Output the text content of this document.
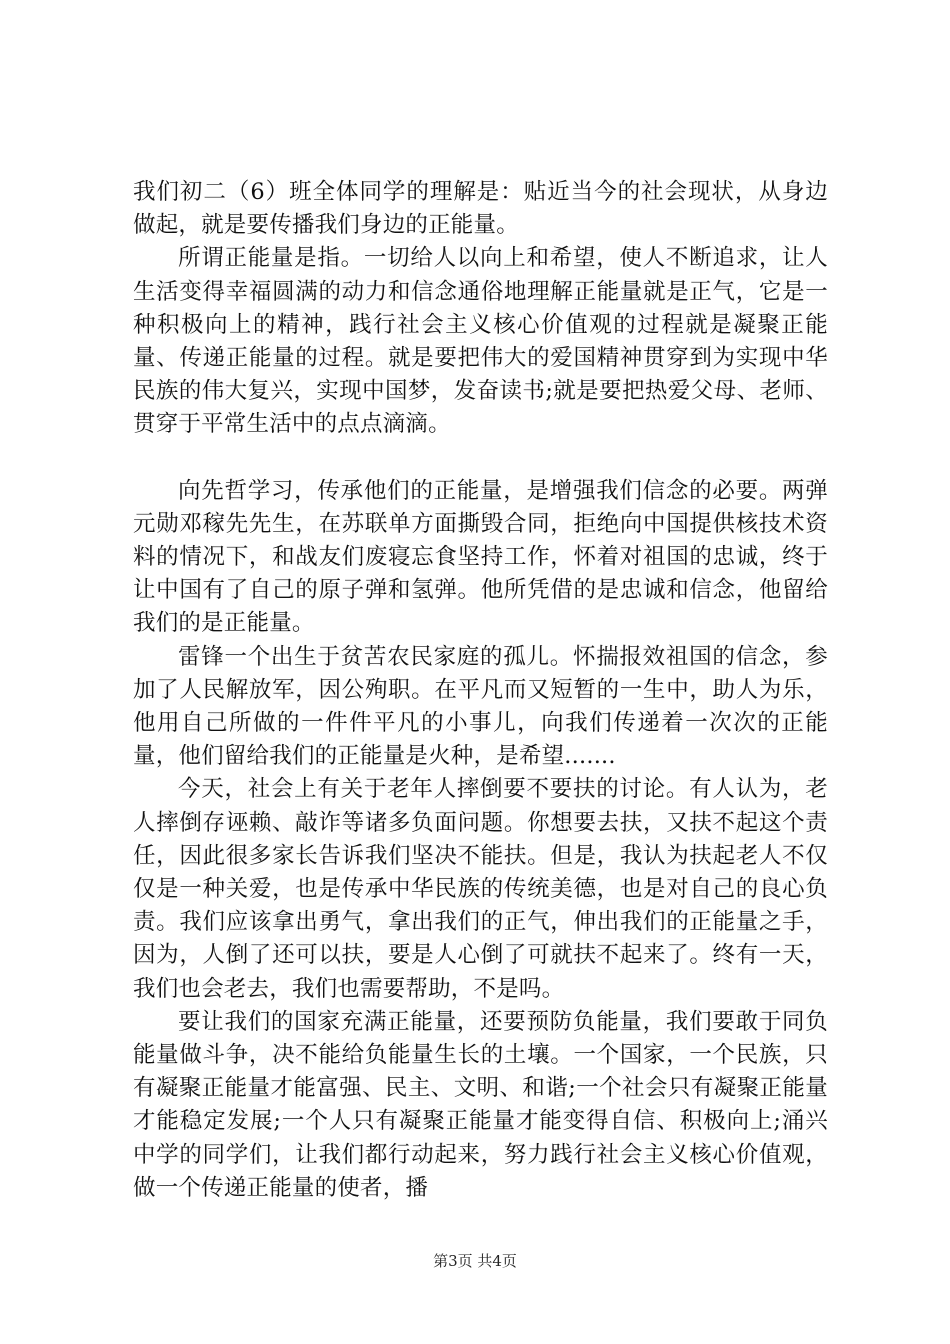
我们初二（6）班全体同学的理解是：贴近当今的社会现状，从身边做起，就是要传播我们身边的正能量。

所谓正能量是指。一切给人以向上和希望，使人不断追求，让人生活变得幸福圆满的动力和信念通俗地理解正能量就是正气，它是一种积极向上的精神，践行社会主义核心价值观的过程就是凝聚正能量、传递正能量的过程。就是要把伟大的爱国精神贯穿到为实现中华民族的伟大复兴，实现中国梦，发奋读书;就是要把热爱父母、老师、贯穿于平常生活中的点点滴滴。

向先哲学习，传承他们的正能量，是增强我们信念的必要。两弹元勋邓稼先先生，在苏联单方面撕毁合同，拒绝向中国提供核技术资料的情况下，和战友们废寝忘食坚持工作，怀着对祖国的忠诚，终于让中国有了自己的原子弹和氢弹。他所凭借的是忠诚和信念，他留给我们的是正能量。

雷锋一个出生于贫苦农民家庭的孤儿。怀揣报效祖国的信念，参加了人民解放军，因公殉职。在平凡而又短暂的一生中，助人为乐，他用自己所做的一件件平凡的小事儿，向我们传递着一次次的正能量，他们留给我们的正能量是火种，是希望.......

今天，社会上有关于老年人摔倒要不要扶的讨论。有人认为，老人摔倒存诬赖、敲诈等诸多负面问题。你想要去扶，又扶不起这个责任，因此很多家长告诉我们坚决不能扶。但是，我认为扶起老人不仅仅是一种关爱，也是传承中华民族的传统美德，也是对自己的良心负责。我们应该拿出勇气，拿出我们的正气，伸出我们的正能量之手，因为，人倒了还可以扶，要是人心倒了可就扶不起来了。终有一天，我们也会老去，我们也需要帮助，不是吗。

要让我们的国家充满正能量，还要预防负能量，我们要敢于同负能量做斗争，决不能给负能量生长的土壤。一个国家，一个民族，只有凝聚正能量才能富强、民主、文明、和谐;一个社会只有凝聚正能量才能稳定发展;一个人只有凝聚正能量才能变得自信、积极向上;涌兴中学的同学们，让我们都行动起来，努力践行社会主义核心价值观，做一个传递正能量的使者，播

第3页 共4页
